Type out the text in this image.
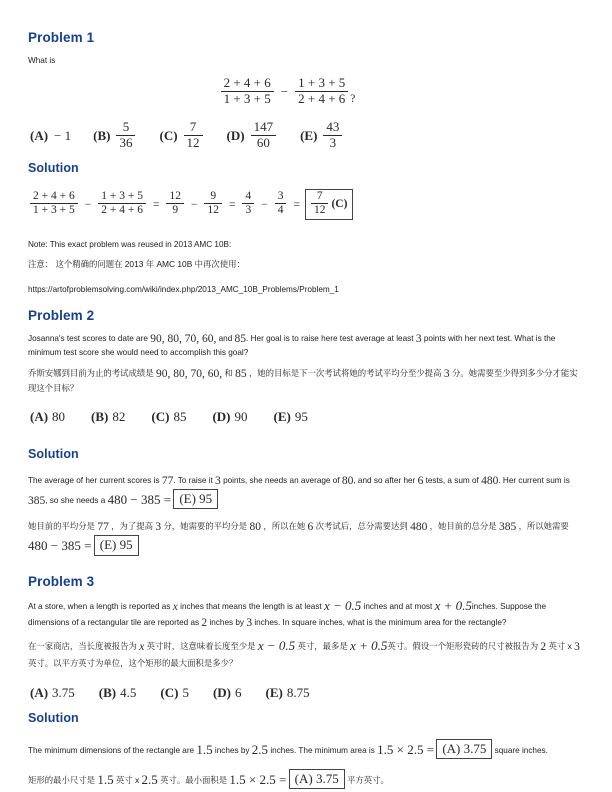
Problem 1

What is

$\frac{2 + 4 + 6}{1 + 3 + 5} - \frac{1 + 3 + 5}{2 + 4 + 6}$ ?
(A) − 1 $(B) \frac{5}{36} (C) \frac{7}{12} (D) \frac{147}{60} (E) \frac{43}{3}$
Solution
$\frac{2 + 4 + 6}{1 + 3 + 5} - \frac{1 + 3 + 5}{2 + 4 + 6} = \frac{12}{9} - \frac{9}{12} = \frac{4}{3} - \frac{3}{4} = \frac{7}{12} (C)$

Note: This exact problem was reused in 2013 AMC 10B:

注意： 这个精确的问题在 2013 年 AMC 10B 中再次使用：

https://artofproblemsolving.com/wiki/index.php/2013_AMC_10B_Problems/Problem_1

Problem 2

Josanna's test scores to date are 90, 80, 70, 60, and 85. Her goal is to raise here test average at least 3 points with her next test. What is the minimum test score she would need to accomplish this goal?

乔斯安娜到目前为止的考试成绩是 90, 80, 70, 60, 和 85 ，她的目标是下一次考试将她的考试平均分至少提高 3 分。她需要至少得到多少分才能实现这个目标？

(A) 80 (B) 82 (C) 85 (D) 90 (E) 95
Solution

The average of her current scores is 77. To raise it 3 points, she needs an average of 80, and so after her 6 tests, a sum of 480. Her current sum is 385, so she needs a 480 − 385 = (E) 95

她目前的平均分是 77 ，为了提高 3 分，她需要的平均分是 80 ，所以在她 6 次考试后，总分需要达到 480 ，她目前的总分是 385 ，所以她需要 480 − 385 = (E) 95

Problem 3

At a store, when a length is reported as x inches that means the length is at least x − 0.5 inches and at most x + 0.5inches. Suppose the dimensions of a rectangular tile are reported as 2 inches by 3 inches. In square inches, what is the minimum area for the rectangle?

在一家商店，当长度被报告为 x 英寸时，这意味着长度至少是 x − 0.5 英寸，最多是 x + 0.5英寸。假设一个矩形瓷砖的尺寸被报告为 2 英寸 x 3 英寸。以平方英寸为单位，这个矩形的最大面积是多少？

(A) 3.75 (B) 4.5 (C) 5 (D) 6 (E) 8.75
Solution

The minimum dimensions of the rectangle are 1.5 inches by 2.5 inches. The minimum area is 1.5 × 2.5 = (A) 3.75 square inches.

矩形的最小尺寸是 1.5 英寸 x 2.5 英寸。最小面积是 1.5 × 2.5 = (A) 3.75 平方英寸。
